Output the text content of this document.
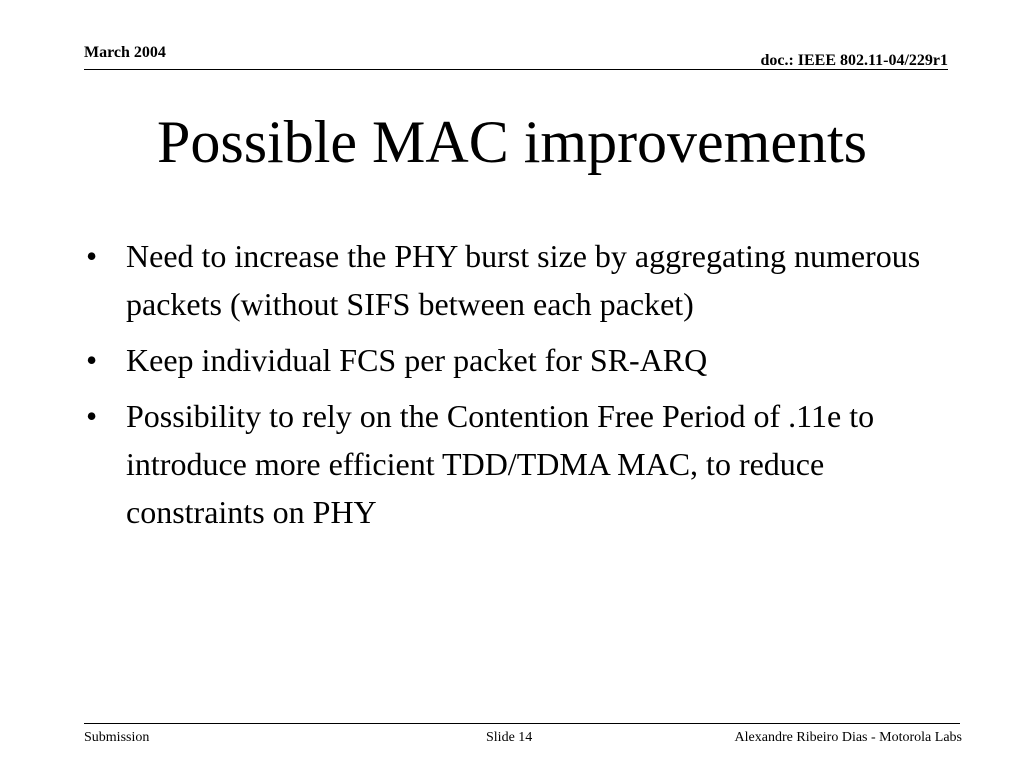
March 2004	doc.: IEEE 802.11-04/229r1
Possible MAC improvements
• Need to increase the PHY burst size by aggregating numerous packets (without SIFS between each packet)
• Keep individual FCS per packet for SR-ARQ
• Possibility to rely on the Contention Free Period of .11e to introduce more efficient TDD/TDMA MAC, to reduce constraints on PHY
Submission	Slide 14	Alexandre Ribeiro Dias - Motorola Labs
